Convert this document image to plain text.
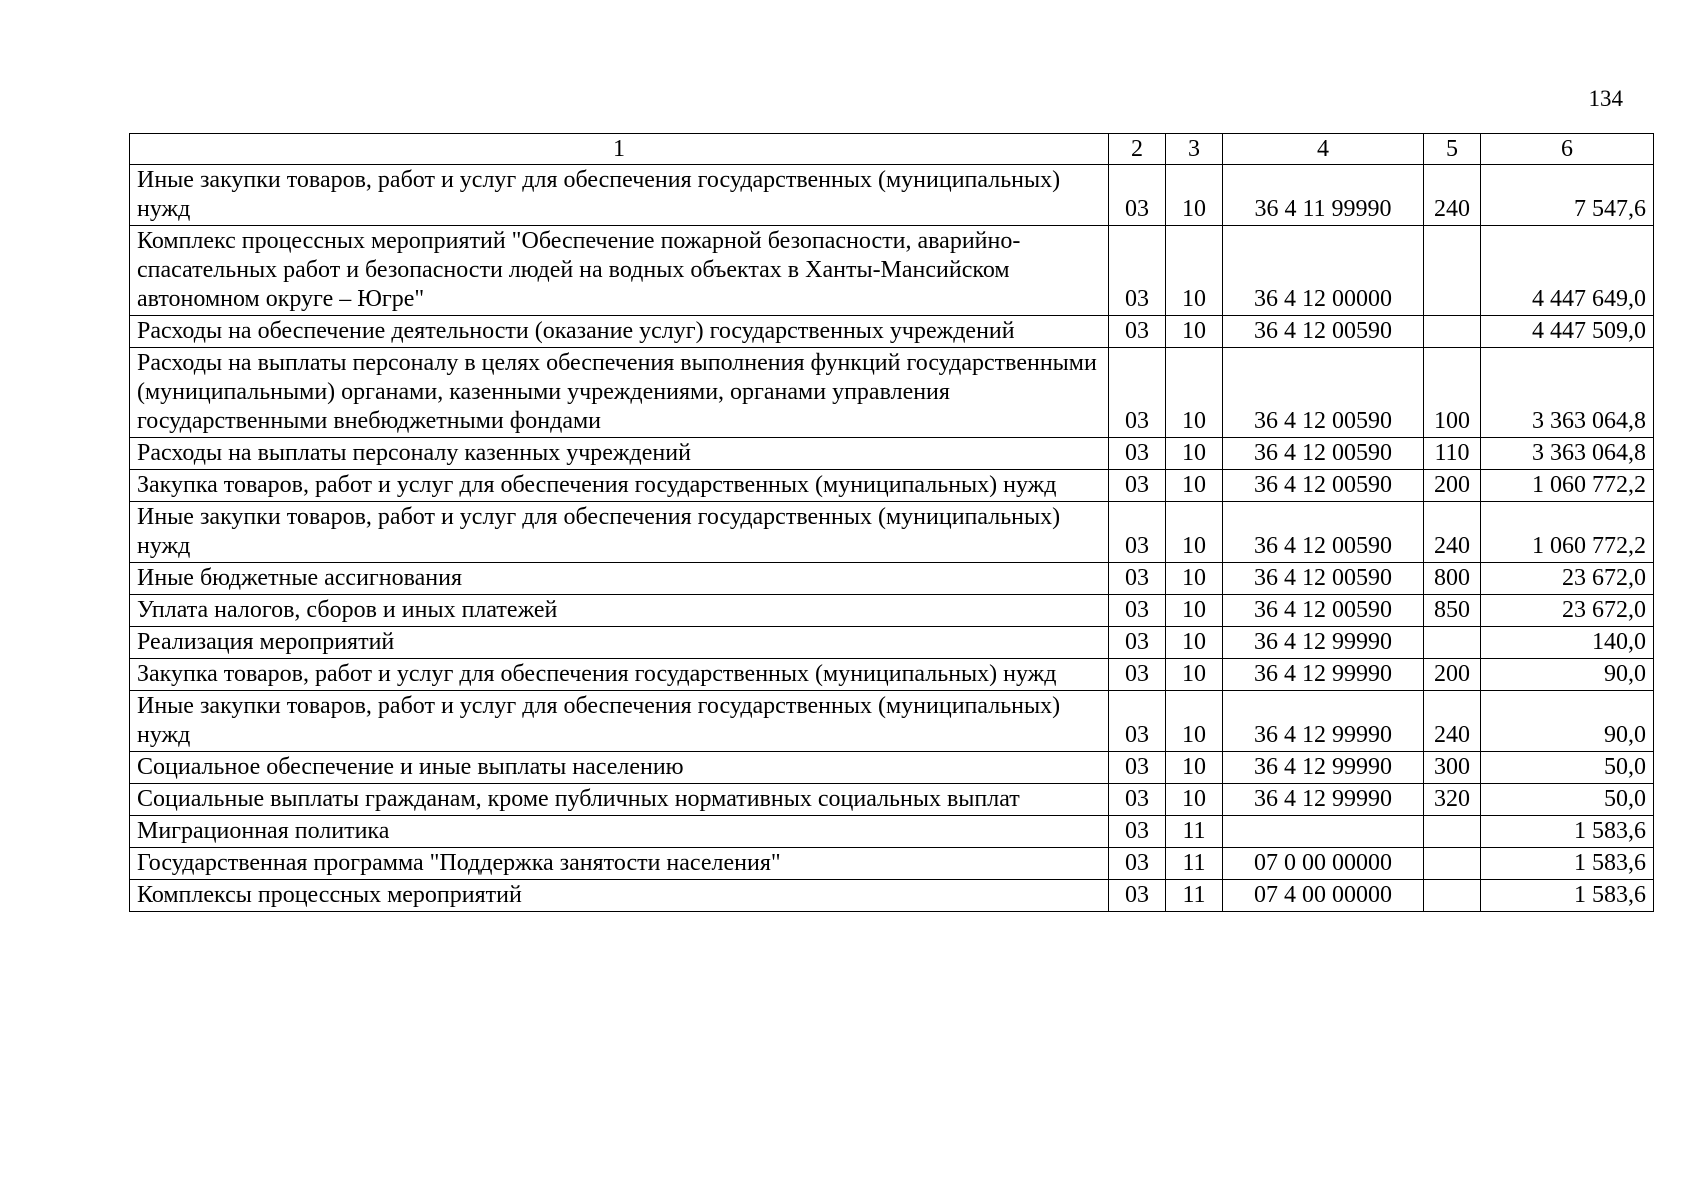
134
1	2	3	4	5	6
Иные закупки товаров, работ и услуг для обеспечения государственных (муниципальных) нужд	03	10	36 4 11 99990	240	7 547,6
Комплекс процессных мероприятий "Обеспечение пожарной безопасности, аварийно-спасательных работ и безопасности людей на водных объектах в Ханты-Мансийском автономном округе – Югре"	03	10	36 4 12 00000		4 447 649,0
Расходы на обеспечение деятельности (оказание услуг) государственных учреждений	03	10	36 4 12 00590		4 447 509,0
Расходы на выплаты персоналу в целях обеспечения выполнения функций государственными (муниципальными) органами, казенными учреждениями, органами управления государственными внебюджетными фондами	03	10	36 4 12 00590	100	3 363 064,8
Расходы на выплаты персоналу казенных учреждений	03	10	36 4 12 00590	110	3 363 064,8
Закупка товаров, работ и услуг для обеспечения государственных (муниципальных) нужд	03	10	36 4 12 00590	200	1 060 772,2
Иные закупки товаров, работ и услуг для обеспечения государственных (муниципальных) нужд	03	10	36 4 12 00590	240	1 060 772,2
Иные бюджетные ассигнования	03	10	36 4 12 00590	800	23 672,0
Уплата налогов, сборов и иных платежей	03	10	36 4 12 00590	850	23 672,0
Реализация мероприятий	03	10	36 4 12 99990		140,0
Закупка товаров, работ и услуг для обеспечения государственных (муниципальных) нужд	03	10	36 4 12 99990	200	90,0
Иные закупки товаров, работ и услуг для обеспечения государственных (муниципальных) нужд	03	10	36 4 12 99990	240	90,0
Социальное обеспечение и иные выплаты населению	03	10	36 4 12 99990	300	50,0
Социальные выплаты гражданам, кроме публичных нормативных социальных выплат	03	10	36 4 12 99990	320	50,0
Миграционная политика	03	11			1 583,6
Государственная программа "Поддержка занятости населения"	03	11	07 0 00 00000		1 583,6
Комплексы процессных мероприятий	03	11	07 4 00 00000		1 583,6
